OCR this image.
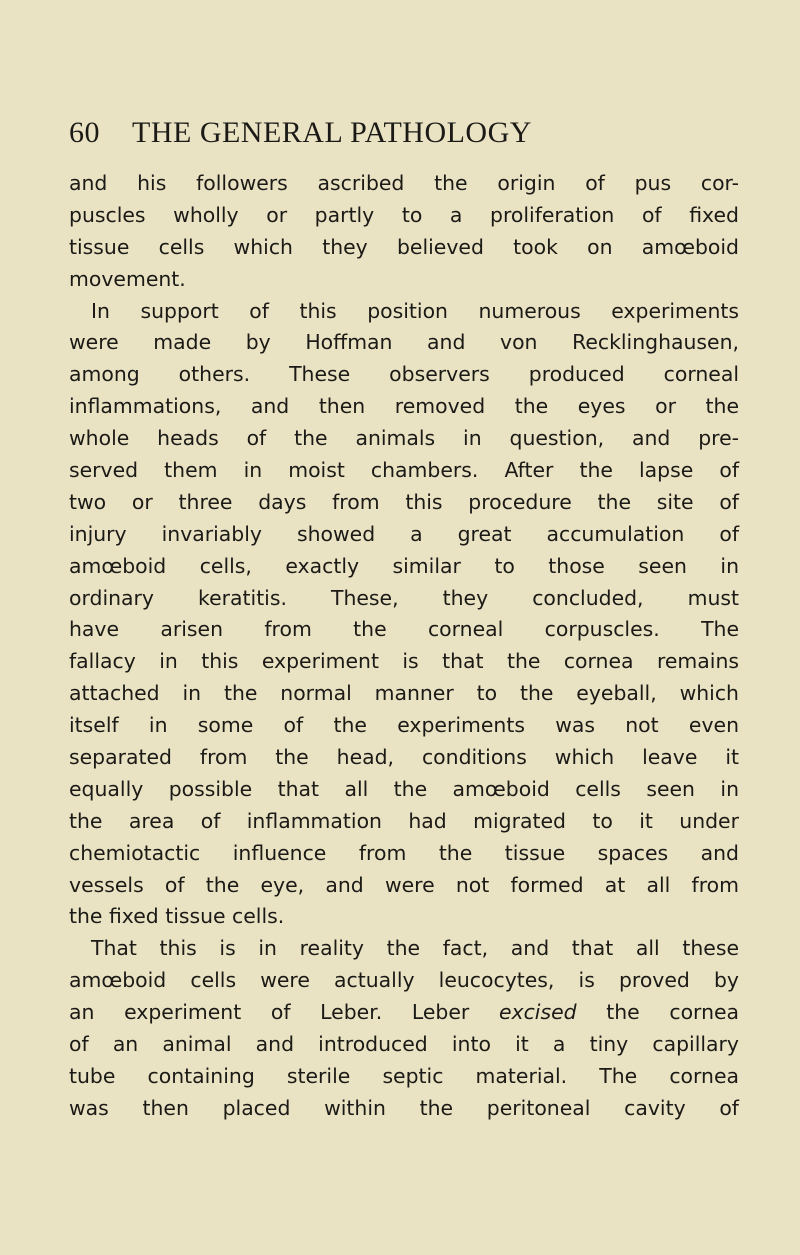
60 THE GENERAL PATHOLOGY
and his followers ascribed the origin of pus cor-
puscles wholly or partly to a proliferation of fixed
tissue cells which they believed took on amœboid
movement.
In support of this position numerous experiments
were made by Hoffman and von Recklinghausen,
among others. These observers produced corneal
inflammations, and then removed the eyes or the
whole heads of the animals in question, and pre-
served them in moist chambers. After the lapse of
two or three days from this procedure the site of
injury invariably showed a great accumulation of
amœboid cells, exactly similar to those seen in
ordinary keratitis. These, they concluded, must
have arisen from the corneal corpuscles. The
fallacy in this experiment is that the cornea remains
attached in the normal manner to the eyeball, which
itself in some of the experiments was not even
separated from the head, conditions which leave it
equally possible that all the amœboid cells seen in
the area of inflammation had migrated to it under
chemiotactic influence from the tissue spaces and
vessels of the eye, and were not formed at all from
the fixed tissue cells.
That this is in reality the fact, and that all these
amœboid cells were actually leucocytes, is proved by
an experiment of Leber. Leber excised the cornea
of an animal and introduced into it a tiny capillary
tube containing sterile septic material. The cornea
was then placed within the peritoneal cavity of
